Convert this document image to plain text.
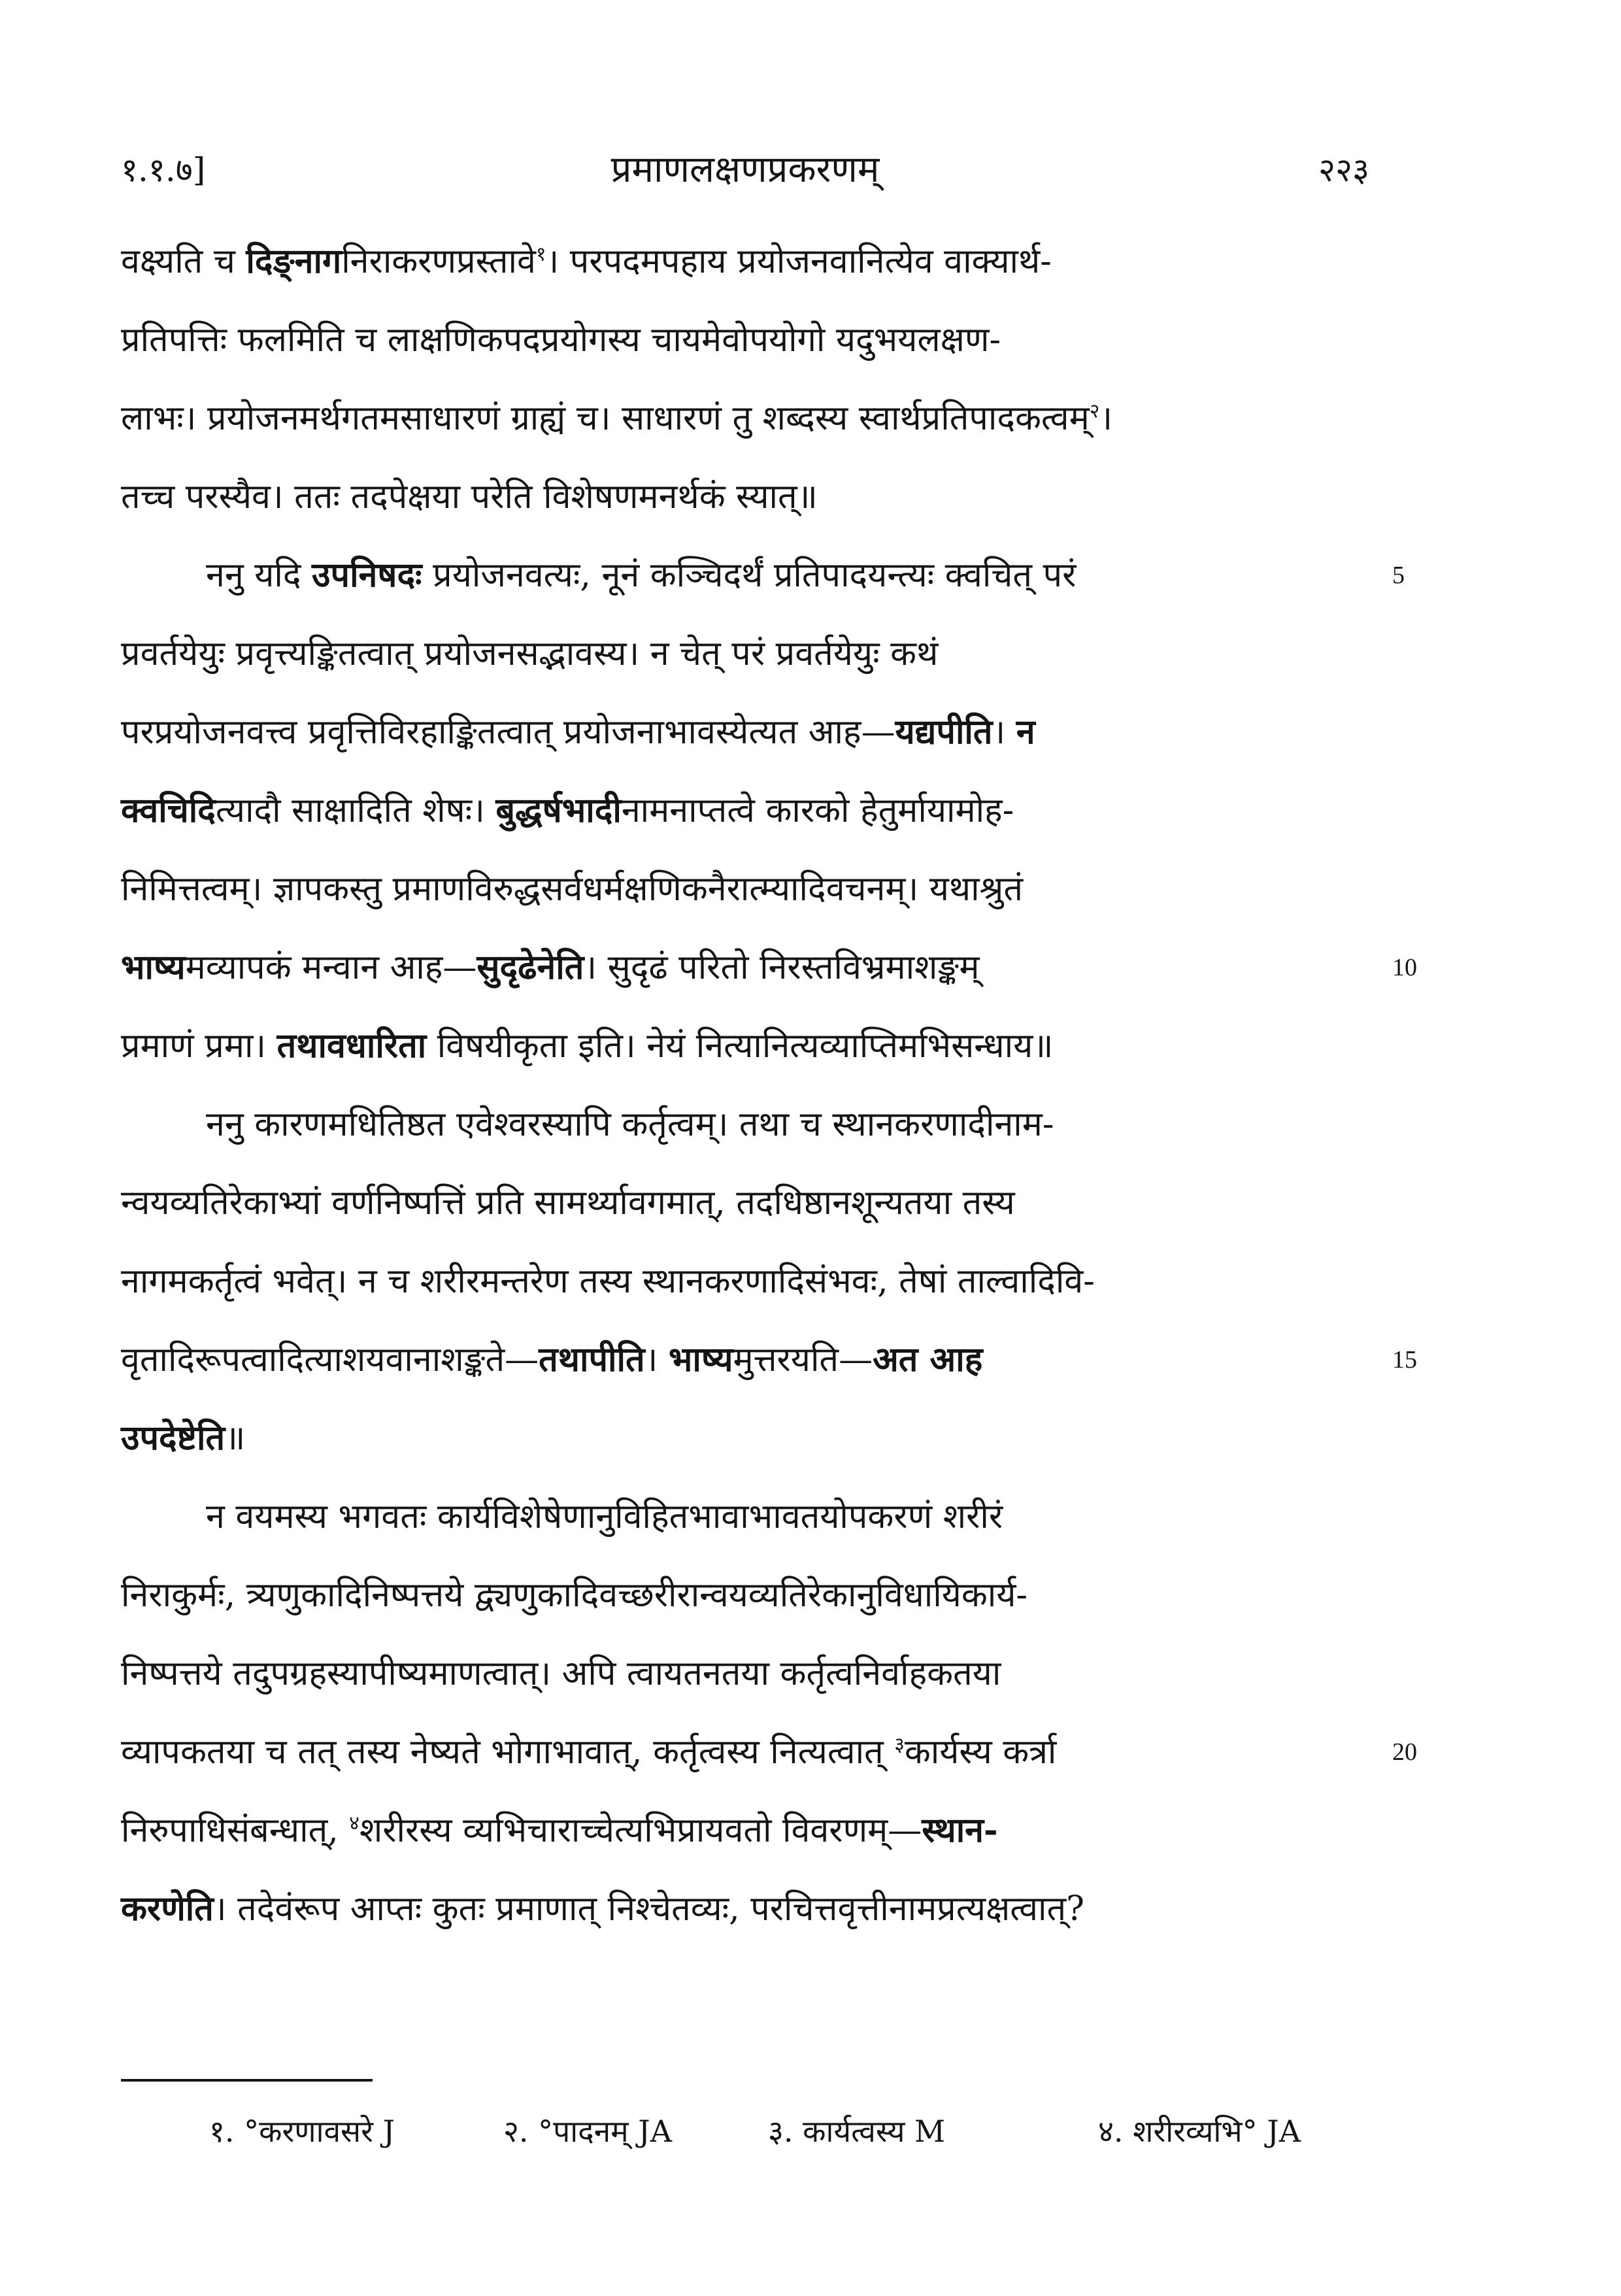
१.१.७]	प्रमाणलक्षणप्रकरणम्	२२३
वक्ष्यति च दिङ्नागनिराकरणप्रस्तावे$^१$। परपदमपहाय प्रयोजनवानित्येव वाक्यार्थ-
प्रतिपत्तिः फलमिति च लाक्षणिकपदप्रयोगस्य चायमेवोपयोगो यदुभयलक्षण-
लाभः। प्रयोजनमर्थगतमसाधारणं ग्राह्यं च। साधारणं तु शब्दस्य स्वार्थप्रतिपादकत्वम्$^२$।
तच्च परस्यैव। ततः तदपेक्षया परेति विशेषणमनर्थकं स्यात्॥
ननु यदि उपनिषदः प्रयोजनवत्यः, नूनं कञ्चिदर्थं प्रतिपादयन्त्यः क्वचित् परं
प्रवर्तयेयुः प्रवृत्त्यङ्कितत्वात् प्रयोजनसद्भावस्य। न चेत् परं प्रवर्तयेयुः कथं
परप्रयोजनवत्त्व प्रवृत्तिविरहाङ्कितत्वात् प्रयोजनाभावस्येत्यत आह—यद्यपीति। न
क्वचिदित्यादौ साक्षादिति शेषः। बुद्धर्षभादीनामनाप्तत्वे कारको हेतुर्मायामोह-
निमित्तत्वम्। ज्ञापकस्तु प्रमाणविरुद्धसर्वधर्मक्षणिकनैरात्म्यादिवचनम्। यथाश्रुतं
भाष्यमव्यापकं मन्वान आह—सुदृढेनेति। सुदृढं परितो निरस्तविभ्रमाशङ्कम्
प्रमाणं प्रमा। तथावधारिता विषयीकृता इति। नेयं नित्यानित्यव्याप्तिमभिसन्धाय॥
ननु कारणमधितिष्ठत एवेश्वरस्यापि कर्तृत्वम्। तथा च स्थानकरणादीनाम-
न्वयव्यतिरेकाभ्यां वर्णनिष्पत्तिं प्रति सामर्थ्यावगमात्, तदधिष्ठानशून्यतया तस्य
नागमकर्तृत्वं भवेत्। न च शरीरमन्तरेण तस्य स्थानकरणादिसंभवः, तेषां ताल्वादिवि-
वृतादिरूपत्वादित्याशयवानाशङ्कते—तथापीति। भाष्यमुत्तरयति—अत आह
उपदेष्टेति॥
न वयमस्य भगवतः कार्यविशेषेणानुविहितभावाभावतयोपकरणं शरीरं
निराकुर्मः, त्र्यणुकादिनिष्पत्तये द्व्यणुकादिवच्छरीरान्वयव्यतिरेकानुविधायिकार्य-
निष्पत्तये तदुपग्रहस्यापीष्यमाणत्वात्। अपि त्वायतनतया कर्तृत्वनिर्वाहकतया
व्यापकतया च तत् तस्य नेष्यते भोगाभावात्, कर्तृत्वस्य नित्यत्वात् $^३$कार्यस्य कर्त्रा
निरुपाधिसंबन्धात्, $^४$शरीरस्य व्यभिचाराच्चेत्यभिप्रायवतो विवरणम्—स्थान-
करणेति। तदेवंरूप आप्तः कुतः प्रमाणात् निश्चेतव्यः, परचित्तवृत्तीनामप्रत्यक्षत्वात्?
१. °करणावसरे J	२. °पादनम् JA	३. कार्यत्वस्य M	४. शरीरव्यभि° JA
5
10
15
20
